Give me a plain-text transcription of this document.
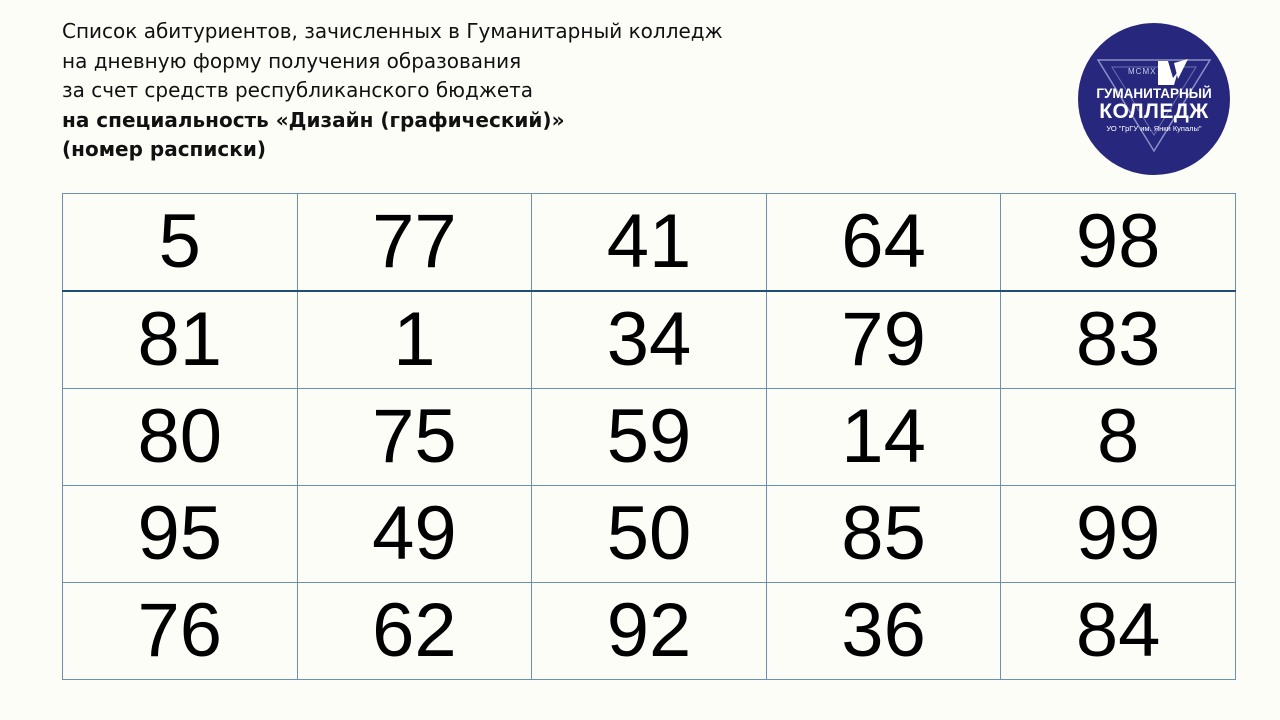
Список абитуриентов, зачисленных в Гуманитарный колледж
на дневную форму получения образования
за счет средств республиканского бюджета
на специальность «Дизайн (графический)»
(номер расписки)
MCMX
ГУМАНИТАРНЫЙ
КОЛЛЕДЖ
УО "ГрГУ им. Янки Купалы"
5	77	41	64	98
81	1	34	79	83
80	75	59	14	8
95	49	50	85	99
76	62	92	36	84
